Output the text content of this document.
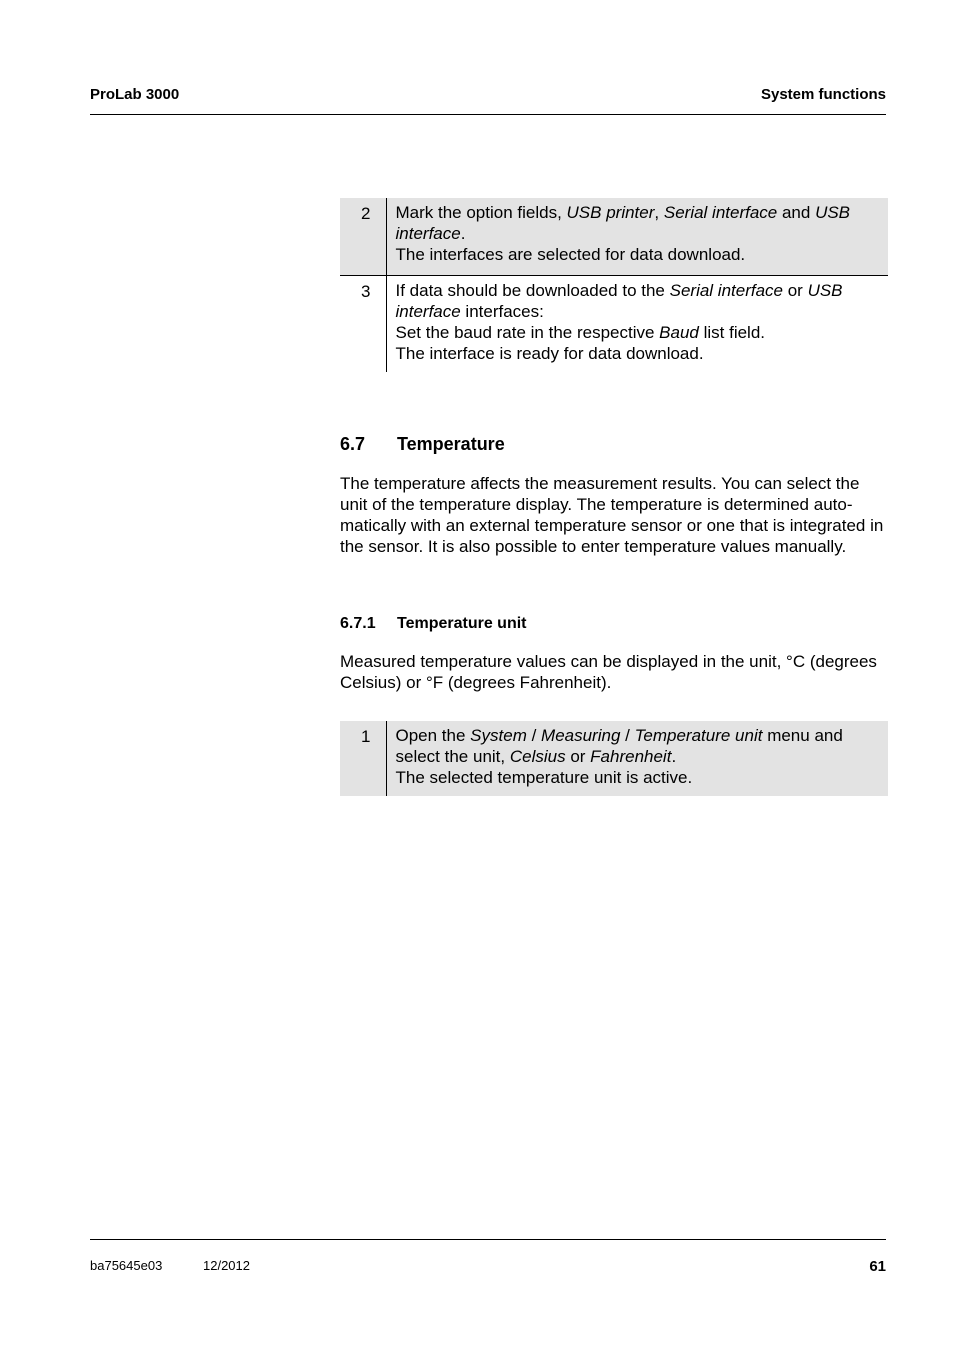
ProLab 3000	System functions
2	Mark the option fields, USB printer, Serial interface and USB interface.
The interfaces are selected for data download.
3	If data should be downloaded to the Serial interface or USB interface interfaces:
Set the baud rate in the respective Baud list field.
The interface is ready for data download.
6.7 Temperature
The temperature affects the measurement results. You can select the unit of the temperature display. The temperature is determined auto-matically with an external temperature sensor or one that is integrated in the sensor. It is also possible to enter temperature values manually.
6.7.1 Temperature unit
Measured temperature values can be displayed in the unit, °C (degrees Celsius) or °F (degrees Fahrenheit).
1	Open the System / Measuring / Temperature unit menu and select the unit, Celsius or Fahrenheit.
The selected temperature unit is active.
ba75645e03	12/2012	61
